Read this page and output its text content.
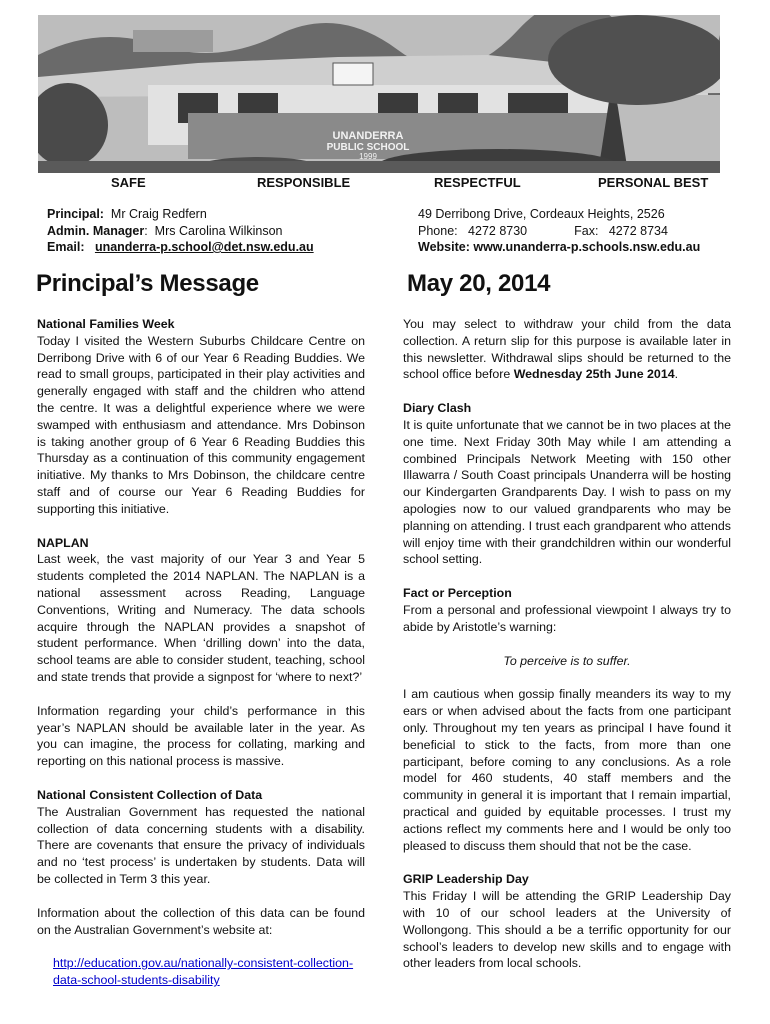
UNANDERRA
PUBLIC SCHOOL
1999
SAFE	RESPONSIBLE	RESPECTFUL	PERSONAL BEST
Principal: Mr Craig Redfern
Admin. Manager:  Mrs Carolina Wilkinson
Email: unanderra-p.school@det.nsw.edu.au
49 Derribong Drive, Cordeaux Heights, 2526
Phone: 4272 8730	Fax: 4272 8734
Website: www.unanderra-p.schools.nsw.edu.au
Principal’s Message	May 20, 2014
National Families Week

Today I visited the Western Suburbs Childcare Centre on Derribong Drive with 6 of our Year 6 Reading Buddies. We read to small groups, participated in their play activities and generally engaged with staff and the children who attend the centre. It was a delightful experience where we were swamped with enthusiasm and attendance. Mrs Dobinson is taking another group of 6 Year 6 Reading Buddies this Thursday as a continuation of this community engagement initiative. My thanks to Mrs Dobinson, the childcare centre staff and of course our Year 6 Reading Buddies for supporting this initiative.

NAPLAN

Last week, the vast majority of our Year 3 and Year 5 students completed the 2014 NAPLAN. The NAPLAN is a national assessment across Reading, Language Conventions, Writing and Numeracy. The data schools acquire through the NAPLAN provides a snapshot of student performance. When ‘drilling down’ into the data, school teams are able to consider student, teaching, school and state trends that provide a signpost for ‘where to next?’

Information regarding your child’s performance in this year’s NAPLAN should be available later in the year. As you can imagine, the process for collating, marking and reporting on this national process is massive.

National Consistent Collection of Data

The Australian Government has requested the national collection of data concerning students with a disability. There are covenants that ensure the privacy of individuals and no ‘test process’ is undertaken by students. Data will be collected in Term 3 this year.

Information about the collection of this data can be found on the Australian Government’s website at:

http://education.gov.au/nationally-consistent-collection-data-school-students-disability

You may select to withdraw your child from the data collection. A return slip for this purpose is available later in this newsletter. Withdrawal slips should be returned to the school office before Wednesday 25th June 2014.

Diary Clash

It is quite unfortunate that we cannot be in two places at the one time. Next Friday 30th May while I am attending a combined Principals Network Meeting with 150 other Illawarra / South Coast principals Unanderra will be hosting our Kindergarten Grandparents Day. I wish to pass on my apologies now to our valued grandparents who may be planning on attending. I trust each grandparent who attends will enjoy time with their grandchildren within our wonderful school setting.

Fact or Perception

From a personal and professional viewpoint I always try to abide by Aristotle’s warning:

To perceive is to suffer.

I am cautious when gossip finally meanders its way to my ears or when advised about the facts from one participant only. Throughout my ten years as principal I have found it beneficial to stick to the facts, from more than one participant, before coming to any conclusions. As a role model for 460 students, 40 staff members and the community in general it is important that I remain impartial, practical and guided by equitable processes. I trust my actions reflect my comments here and I would be only too pleased to discuss them should that not be the case.

GRIP Leadership Day

This Friday I will be attending the GRIP Leadership Day with 10 of our school leaders at the University of Wollongong. This should a be a terrific opportunity for our school’s leaders to develop new skills and to engage with other leaders from local schools.
